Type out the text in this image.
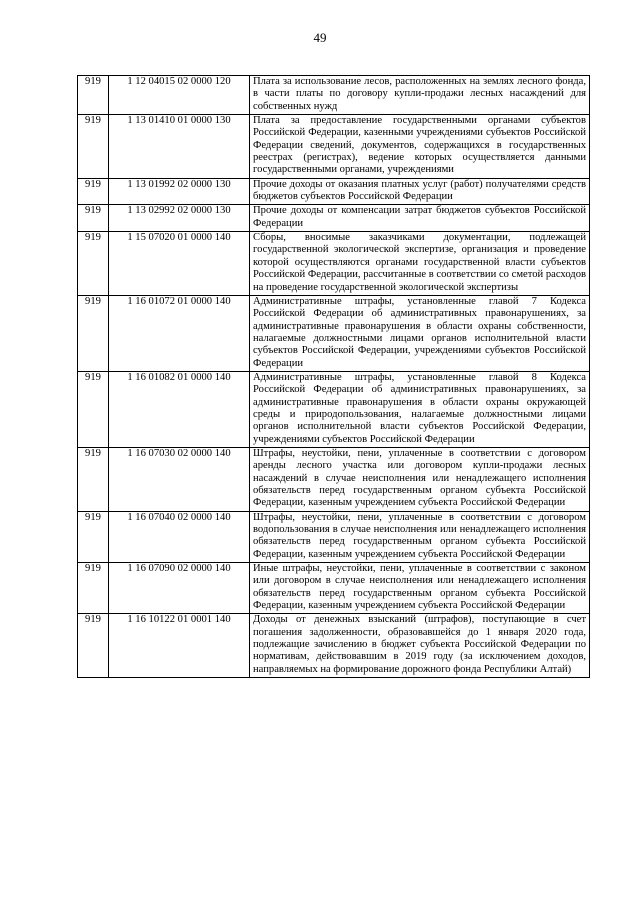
49
919	1 12 04015 02 0000 120	Плата за использование лесов, расположенных на землях лесного фонда, в части платы по договору купли-продажи лесных насаждений для собственных нужд
919	1 13 01410 01 0000 130	Плата за предоставление государственными органами субъектов Российской Федерации, казенными учреждениями субъектов Российской Федерации сведений, документов, содержащихся в государственных реестрах (регистрах), ведение которых осуществляется данными государственными органами, учреждениями
919	1 13 01992 02 0000 130	Прочие доходы от оказания платных услуг (работ) получателями средств бюджетов субъектов Российской Федерации
919	1 13 02992 02 0000 130	Прочие доходы от компенсации затрат бюджетов субъектов Российской Федерации
919	1 15 07020 01 0000 140	Сборы, вносимые заказчиками документации, подлежащей государственной экологической экспертизе, организация и проведение которой осуществляются органами государственной власти субъектов Российской Федерации, рассчитанные в соответствии со сметой расходов на проведение государственной экологической экспертизы
919	1 16 01072 01 0000 140	Административные штрафы, установленные главой 7 Кодекса Российской Федерации об административных правонарушениях, за административные правонарушения в области охраны собственности, налагаемые должностными лицами органов исполнительной власти субъектов Российской Федерации, учреждениями субъектов Российской Федерации
919	1 16 01082 01 0000 140	Административные штрафы, установленные главой 8 Кодекса Российской Федерации об административных правонарушениях, за административные правонарушения в области охраны окружающей среды и природопользования, налагаемые должностными лицами органов исполнительной власти субъектов Российской Федерации, учреждениями субъектов Российской Федерации
919	1 16 07030 02 0000 140	Штрафы, неустойки, пени, уплаченные в соответствии с договором аренды лесного участка или договором купли-продажи лесных насаждений в случае неисполнения или ненадлежащего исполнения обязательств перед государственным органом субъекта Российской Федерации, казенным учреждением субъекта Российской Федерации
919	1 16 07040 02 0000 140	Штрафы, неустойки, пени, уплаченные в соответствии с договором водопользования в случае неисполнения или ненадлежащего исполнения обязательств перед государственным органом субъекта Российской Федерации, казенным учреждением субъекта Российской Федерации
919	1 16 07090 02 0000 140	Иные штрафы, неустойки, пени, уплаченные в соответствии с законом или договором в случае неисполнения или ненадлежащего исполнения обязательств перед государственным органом субъекта Российской Федерации, казенным учреждением субъекта Российской Федерации
919	1 16 10122 01 0001 140	Доходы от денежных взысканий (штрафов), поступающие в счет погашения задолженности, образовавшейся до 1 января 2020 года, подлежащие зачислению в бюджет субъекта Российской Федерации по нормативам, действовавшим в 2019 году (за исключением доходов, направляемых на формирование дорожного фонда Республики Алтай)
